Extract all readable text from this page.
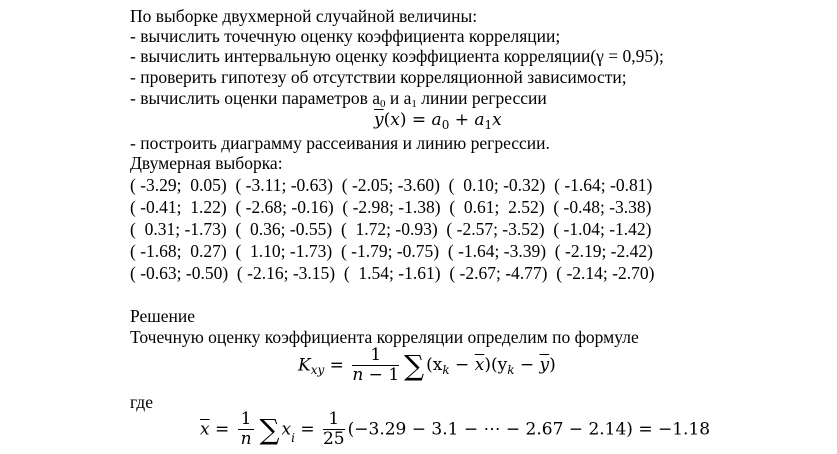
По выборке двухмерной случайной величины:
- вычислить точечную оценку коэффициента корреляции;
- вычислить интервальную оценку коэффициента корреляции(γ = 0,95);
- проверить гипотезу об отсутствии корреляционной зависимости;
- вычислить оценки параметров $a_0$ и $a_1$ линии регрессии
$\overline{y}(x) = a_0 + a_1x$
- построить диаграмму рассеивания и линию регрессии.
Двумерная выборка:
( -3.29;  0.05)  ( -3.11; -0.63)  ( -2.05; -3.60)  (  0.10; -0.32)  ( -1.64; -0.81)
( -0.41;  1.22)  ( -2.68; -0.16)  ( -2.98; -1.38)  (  0.61;  2.52)  ( -0.48; -3.38)
(  0.31; -1.73)  (  0.36; -0.55)  (  1.72; -0.93)  ( -2.57; -3.52)  ( -1.04; -1.42)
( -1.68;  0.27)  (  1.10; -1.73)  ( -1.79; -0.75)  ( -1.64; -3.39)  ( -2.19; -2.42)
( -0.63; -0.50)  ( -2.16; -3.15)  (  1.54; -1.61)  ( -2.67; -4.77)  ( -2.14; -2.70)
Решение
Точечную оценку коэффициента корреляции определим по формуле
$K_{xy} = \frac{1}{n - 1}$ ∑ $(x_k - \overline{x})(y_k - \overline{y})$
где
$\overline{x} = \frac{1}{n}$ ∑ $x_i = \frac{1}{25} (-3.29 - 3.1$ − ⋯ − 2.67 − 2.14) = −1.18
